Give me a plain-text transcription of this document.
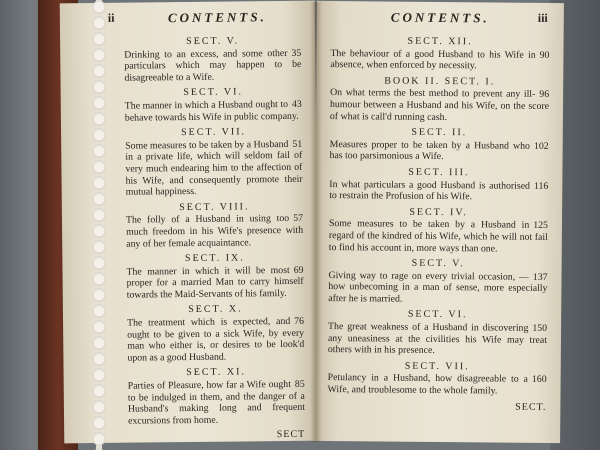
ii	CONTENTS.
SECT. V.
35
Drinking to an excess, and some other particulars which may happen to be disagreeable to a Wife.
SECT. VI.
43
The manner in which a Husband ought to behave towards his Wife in public company.
SECT. VII.
51
Some measures to be taken by a Husband in a private life, which will seldom fail of very much endearing him to the affection of his Wife, and consequently promote their mutual happiness.
SECT. VIII.
57
The folly of a Husband in using too much freedom in his Wife's presence with any of her female acquaintance.
SECT. IX.
69
The manner in which it will be most proper for a married Man to carry himself towards the Maid-Servants of his family.
SECT. X.
76
The treatment which is expected, and ought to be given to a sick Wife, by every man who either is, or desires to be look'd upon as a good Husband.
SECT. XI.
85
Parties of Pleasure, how far a Wife ought to be indulged in them, and the danger of a Husband's making long and frequent excursions from home.
SECT
iii
CONTENTS.
SECT. XII.
90
The behaviour of a good Husband to his Wife in absence, when enforced by necessity.
BOOK II. SECT. I.
96
On what terms the best method to prevent any ill-humour between a Husband and his Wife, on the score of what is call'd running cash.
SECT. II.
102
Measures proper to be taken by a Husband who has too parsimonious a Wife.
SECT. III.
116
In what particulars a good Husband is authorised to restrain the Profusion of his Wife.
SECT. IV.
125
Some measures to be taken by a Husband in regard of the kindred of his Wife, which he will not fail to find his account in, more ways than one.
SECT. V.
137
Giving way to rage on every trivial occasion, — how unbecoming in a man of sense, more especially after he is married.
SECT. VI.
150
The great weakness of a Husband in discovering any uneasiness at the civilities his Wife may treat others with in his presence.
SECT. VII.
160
Petulancy in a Husband, how disagreeable to a Wife, and troublesome to the whole family.
SECT.
